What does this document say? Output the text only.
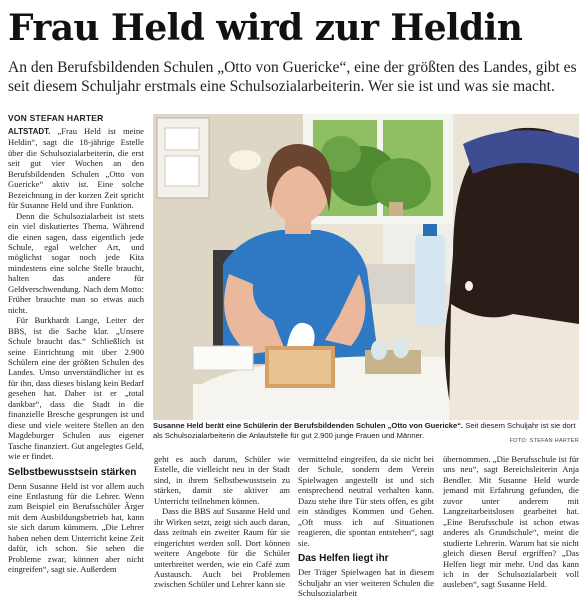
Frau Held wird zur Heldin
An den Berufsbildenden Schulen „Otto von Guericke“, eine der größten des Landes, gibt es seit diesem Schuljahr erstmals eine Schulsozialarbeiterin. Wer sie ist und was sie macht.
VON STEFAN HARTER

ALTSTADT. „Frau Held ist meine Heldin“, sagt die 18-jährige Estelle über die Schulsozialarbeiterin, die erst seit gut vier Wochen an den Berufsbildenden Schulen „Otto von Guericke“ aktiv ist. Eine solche Bezeichnung in der kurzen Zeit spricht für Susanne Held und ihre Funktion.

Denn die Schulsozialarbeit ist stets ein viel diskutiertes Thema. Während die einen sagen, dass eigentlich jede Schule, egal welcher Art, und möglichst sogar noch jede Kita mindestens eine solche Stelle braucht, halten das andere für Geldverschwendung. Nach dem Motto: Früher brauchte man so etwas auch nicht.

Für Burkhardt Lange, Leiter der BBS, ist die Sache klar. „Unsere Schule braucht das.“ Schließlich ist seine Einrichtung mit über 2.900 Schülern eine der größten Schulen des Landes. Umso unverständlicher ist es für ihn, dass dieses bislang kein Bedarf gesehen hat. Daher ist er „total dankbar“, dass die Stadt in die finanzielle Bresche gesprungen ist und diese und viele weitere Stellen an den Magdeburger Schulen aus eigener Tasche finanziert. Gut angelegtes Geld, wie er findet.

Selbstbewusstsein stärken

Denn Susanne Held ist vor allem auch eine Entlastung für die Lehrer. Wenn zum Beispiel ein Berufsschüler Ärger mit dem Ausbildungsbetrieb hat, kann sie sich darum kümmern. „Die Lehrer haben neben dem Unterricht keine Zeit dafür, ich schon. Sie sehen die Probleme zwar, können aber nicht eingreifen“, sagt sie. Außerdem

Susanne Held berät eine Schülerin der Berufsbildenden Schulen „Otto von Guericke“. Seit diesem Schuljahr ist sie dort als Schulsozialarbeiterin die Anlaufstelle für gut 2.900 junge Frauen und Männer.
FOTO: STEFAN HARTER

geht es auch darum, Schüler wie Estelle, die vielleicht neu in der Stadt sind, in ihrem Selbstbewusstsein zu stärken, damit sie aktiver am Unterricht teilnehmen können.

Dass die BBS auf Susanne Held und ihr Wirken setzt, zeigt sich auch daran, dass zeitnah ein zweiter Raum für sie eingerichtet werden soll. Dort können weitere Angebote für die Schüler unterbreitet werden, wie ein Café zum Austausch. Auch bei Problemen zwischen Schüler und Lehrer kann sie

vermittelnd eingreifen, da sie nicht bei der Schule, sondern dem Verein Spielwagen angestellt ist und sich entsprechend neutral verhalten kann. Dazu stehe ihre Tür stets offen, es gibt ein ständiges Kommen und Gehen. „Oft muss ich auf Situationen reagieren, die spontan entstehen“, sagt sie.

Das Helfen liegt ihr

Der Träger Spielwagen hat in diesem Schuljahr an vier weiteren Schulen die Schulsozialarbeit

übernommen. „Die Berufsschule ist für uns neu“, sagt Bereichsleiterin Anja Bendler. Mit Susanne Held wurde jemand mit Erfahrung gefunden, die zuvor unter anderem mit Langzeitarbeitslosen gearbeitet hat. „Eine Berufsschule ist schon etwas anderes als Grundschule“, meint die studierte Lehrerin. Warum hat sie nicht gleich diesen Beruf ergriffen? „Das Helfen liegt mir mehr. Und das kann ich in der Schulsozialarbeit voll ausleben“, sagt Susanne Held.
